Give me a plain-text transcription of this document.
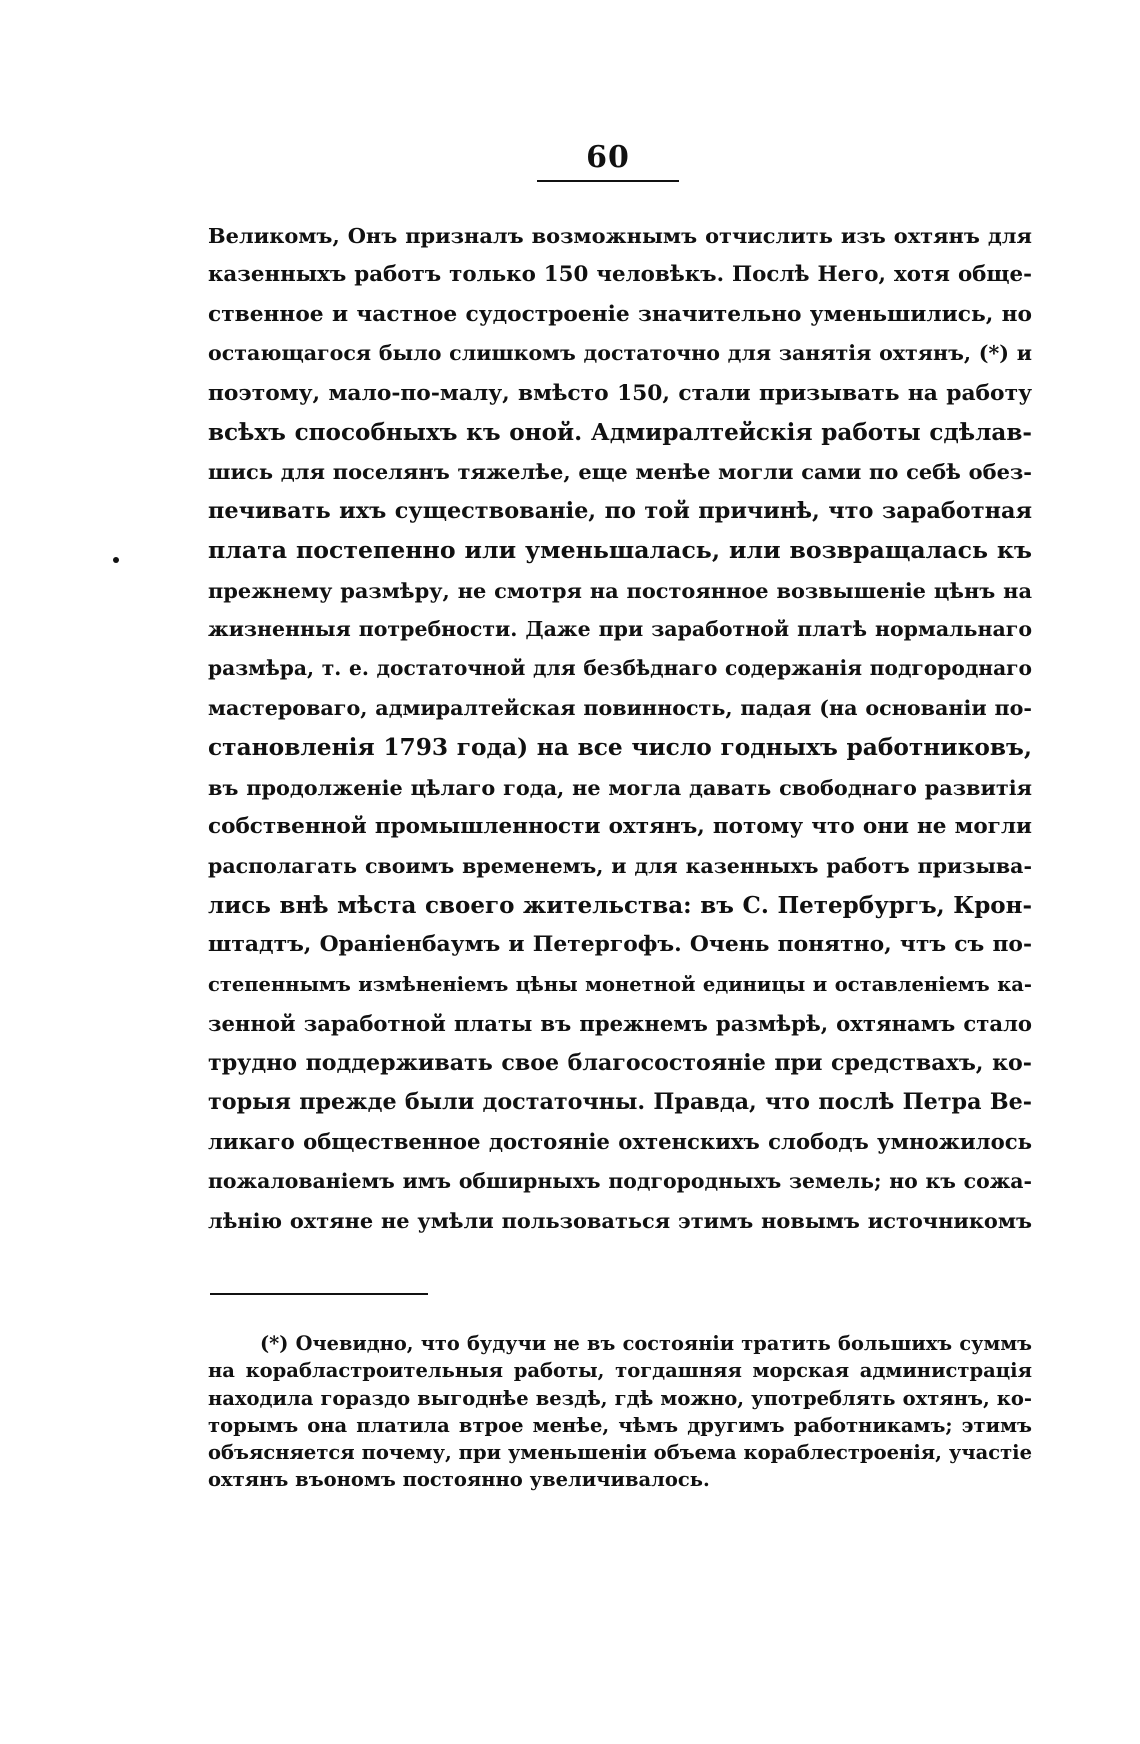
60
Великомъ, Онъ призналъ возможнымъ отчислить изъ охтянъ для
казенныхъ работъ только 150 человѣкъ. Послѣ Него, хотя обще-
ственное и частное судостроеніе значительно уменьшились, но
остающагося было слишкомъ достаточно для занятія охтянъ, (*) и
поэтому, мало-по-малу, вмѣсто 150, стали призывать на работу
всѣхъ способныхъ къ оной. Адмиралтейскія работы сдѣлав-
шись для поселянъ тяжелѣе, еще менѣе могли сами по себѣ обез-
печивать ихъ существованіе, по той причинѣ, что заработная
плата постепенно или уменьшалась, или возвращалась къ
прежнему размѣру, не смотря на постоянное возвышеніе цѣнъ на
жизненныя потребности. Даже при заработной платѣ нормальнаго
размѣра, т. е. достаточной для безбѣднаго содержанія подгороднаго
мастероваго, адмиралтейская повинность, падая (на основаніи по-
становленія 1793 года) на все число годныхъ работниковъ,
въ продолженіе цѣлаго года, не могла давать свободнаго развитія
собственной промышленности охтянъ, потому что они не могли
располагать своимъ временемъ, и для казенныхъ работъ призыва-
лись внѣ мѣста своего жительства: въ С. Петербургъ, Крон-
штадтъ, Ораніенбаумъ и Петергофъ. Очень понятно, чтъ съ по-
степеннымъ измѣненіемъ цѣны монетной единицы и оставленіемъ ка-
зенной заработной платы въ прежнемъ размѣрѣ, охтянамъ стало
трудно поддерживать свое благосостояніе при средствахъ, ко-
торыя прежде были достаточны. Правда, что послѣ Петра Ве-
ликаго общественное достояніе охтенскихъ слободъ умножилось
пожалованіемъ имъ обширныхъ подгородныхъ земель; но къ сожа-
лѣнію охтяне не умѣли пользоваться этимъ новымъ источникомъ
(*) Очевидно, что будучи не въ состояніи тратить большихъ суммъ
на корабластроительныя работы, тогдашняя морская администрація
находила гораздо выгоднѣе вездѣ, гдѣ можно, употреблять охтянъ, ко-
торымъ она платила втрое менѣе, чѣмъ другимъ работникамъ; этимъ
объясняется почему, при уменьшеніи объема кораблестроенія, участіе
охтянъ въономъ постоянно увеличивалось.
